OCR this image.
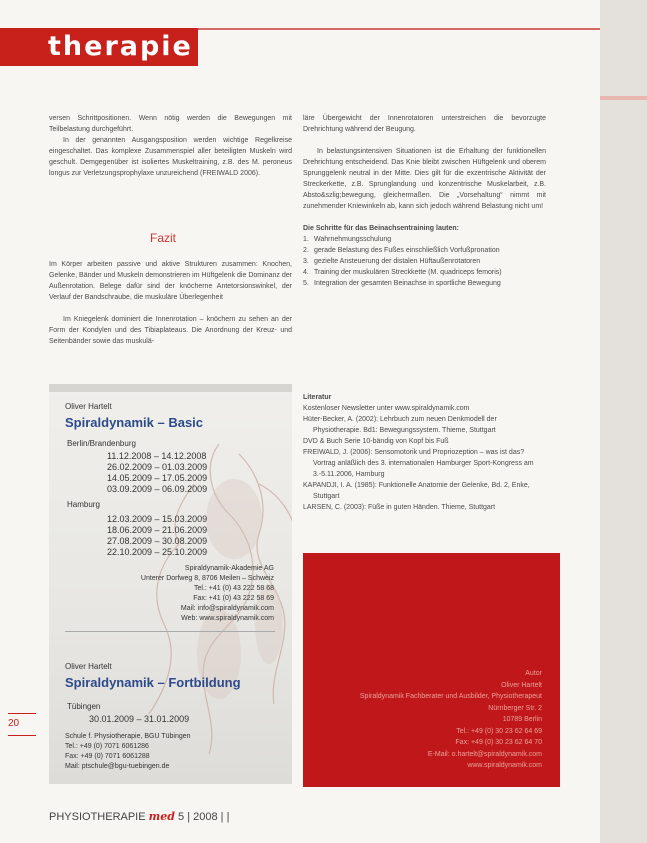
therapie

versen Schrittpositionen. Wenn nötig werden die Bewegungen mit Teilbelastung durchgeführt.

In der genannten Ausgangsposition werden wichtige Regelkreise eingeschaltet. Das komplexe Zusammenspiel aller beteiligten Muskeln wird geschult. Demgegenüber ist isoliertes Muskeltraining, z.B. des M. peroneus longus zur Verletzungsprophylaxe unzureichend (FREIWALD 2006).

Fazit

Im Körper arbeiten passive und aktive Strukturen zusammen: Knochen, Gelenke, Bänder und Muskeln demonstrieren im Hüftgelenk die Dominanz der Außenrotation. Belege dafür sind der knöcherne Antetorsionswinkel, der Verlauf der Bandschraube, die muskuläre Überlegenheit

Im Kniegelenk dominiert die Innenrotation – knöchern zu sehen an der Form der Kondylen und des Tibiaplateaus. Die Anordnung der Kreuz- und Seitenbänder sowie das muskulä-

läre Übergewicht der Innenrotatoren unterstreichen die bevorzugte Drehrichtung während der Beugung.

In belastungsintensiven Situationen ist die Erhaltung der funktionellen Drehrichtung entscheidend. Das Knie bleibt zwischen Hüftgelenk und oberem Sprunggelenk neutral in der Mitte. Dies gilt für die exzentrische Aktivität der Streckerkette, z.B. Sprunglandung und konzentrische Muskelarbeit, z.B. Absto&szlig;bewegung, gleichermaßen. Die „Vorsehaltung“ nimmt mit zunehmender Kniewinkeln ab, kann sich jedoch während Belastung nicht um!

Die Schritte für das Beinachsentraining lauten:

1. Wahrnehmungsschulung
2. gerade Belastung des Fußes einschließlich Vorfußpronation
3. gezielte Ansteuerung der distalen Hüftaußenrotatoren
4. Training der muskulären Streckkette (M. quadriceps femoris)
5. Integration der gesamten Beinachse in sportliche Bewegung

Literatur

Kostenloser Newsletter unter www.spiraldynamik.com

Hüter-Becker, A. (2002): Lehrbuch zum neuen Denkmodell der Physiotherapie. Bd1: Bewegungssystem. Thieme, Stuttgart

DVD & Buch Serie 10-bändig von Kopf bis Fuß

FREIWALD, J. (2006): Sensomotorik und Propriozeption – was ist das? Vortrag anläßlich des 3. internationalen Hamburger Sport-Kongress am 3.-5.11.2006, Hamburg

KAPANDJI, I. A. (1985): Funktionelle Anatomie der Gelenke, Bd. 2, Enke, Stuttgart

LARSEN, C. (2003): Füße in guten Händen. Thieme, Stuttgart

Oliver Hartelt
Spiraldynamik – Basic
Berlin/Brandenburg
11.12.2008 – 14.12.2008
26.02.2009 – 01.03.2009
14.05.2009 – 17.05.2009
03.09.2009 – 06.09.2009
Hamburg
12.03.2009 – 15.03.2009
18.06.2009 – 21.06.2009
27.08.2009 – 30.08.2009
22.10.2009 – 25.10.2009
Spiraldynamik-Akademie AG
Unterer Dorfweg 8, 8706 Meilen – Schweiz
Tel.: +41 (0) 43 222 58 68
Fax: +41 (0) 43 222 58 69
Mail: info@spiraldynamik.com
Web: www.spiraldynamik.com
Oliver Hartelt
Spiraldynamik – Fortbildung
Tübingen
30.01.2009 – 31.01.2009
Schule f. Physiotherapie, BGU Tübingen
Tel.: +49 (0) 7071 6061286
Fax: +49 (0) 7071 6061288
Mail: ptschule@bgu-tuebingen.de
Autor
Oliver Hartelt
Spiraldynamik Fachberater und Ausbilder, Physiotherapeut
Nürnberger Str. 2
10789 Berlin
Tel.: +49 (0) 30 23 62 64 69
Fax: +49 (0) 30 23 62 64 70
E-Mail: o.hartelt@spiraldynamik.com
www.spiraldynamik.com
20
PHYSIOTHERAPIE med 5 | 2008 | |
